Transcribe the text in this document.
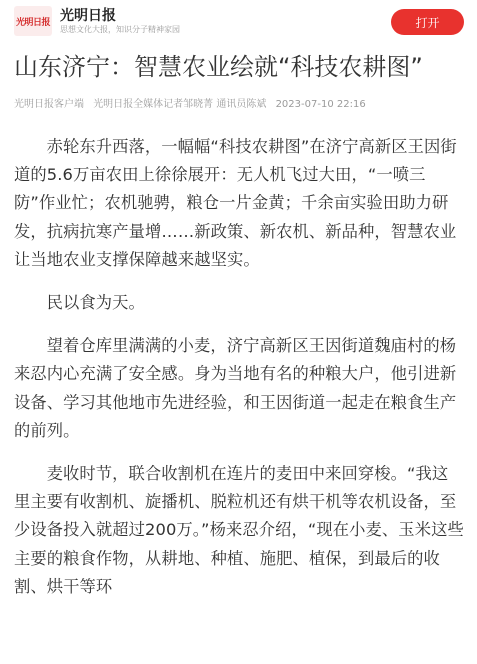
光明日报 光明日报
思想文化大报，知识分子精神家园	打开
山东济宁：智慧农业绘就“科技农耕图”
光明日报客户端 光明日报全媒体记者邹晓菁 通讯员陈斌 2023-07-10 22:16

赤轮东升西落，一幅幅“科技农耕图”在济宁高新区王因街道的5.6万亩农田上徐徐展开：无人机飞过大田，“一喷三防”作业忙；农机驰骋，粮仓一片金黄；千余亩实验田助力研发，抗病抗寒产量增……新政策、新农机、新品种，智慧农业让当地农业支撑保障越来越坚实。

民以食为天。

望着仓库里满满的小麦，济宁高新区王因街道魏庙村的杨来忍内心充满了安全感。身为当地有名的种粮大户，他引进新设备、学习其他地市先进经验，和王因街道一起走在粮食生产的前列。

麦收时节，联合收割机在连片的麦田中来回穿梭。“我这里主要有收割机、旋播机、脱粒机还有烘干机等农机设备，至少设备投入就超过200万。”杨来忍介绍，“现在小麦、玉米这些主要的粮食作物，从耕地、种植、施肥、植保，到最后的收割、烘干等环
